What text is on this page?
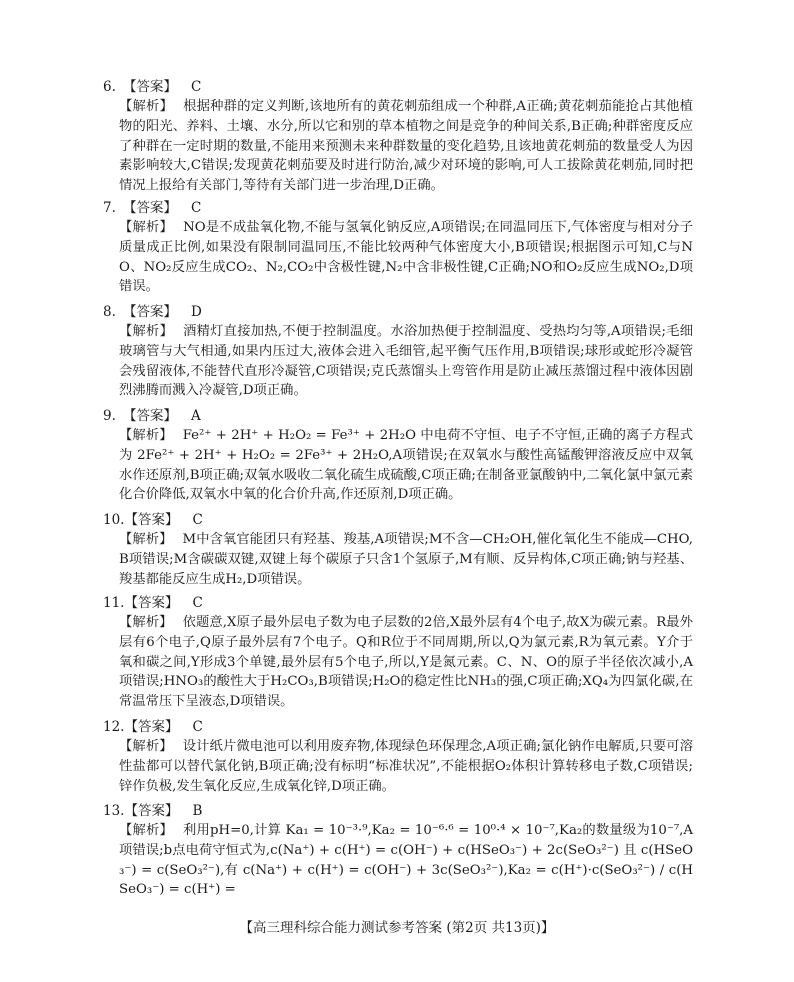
6. 【答案】 C
【解析】 根据种群的定义判断,该地所有的黄花刺茄组成一个种群,A正确;黄花刺茄能抢占其他植物的阳光、养料、土壤、水分,所以它和别的草本植物之间是竞争的种间关系,B正确;种群密度反应了种群在一定时期的数量,不能用来预测未来种群数量的变化趋势,且该地黄花刺茄的数量受人为因素影响较大,C错误;发现黄花刺茄要及时进行防治,减少对环境的影响,可人工拔除黄花刺茄,同时把情况上报给有关部门,等待有关部门进一步治理,D正确。
7. 【答案】 C
【解析】 NO是不成盐氧化物,不能与氢氧化钠反应,A项错误;在同温同压下,气体密度与相对分子质量成正比例,如果没有限制同温同压,不能比较两种气体密度大小,B项错误;根据图示可知,C与NO、NO₂反应生成CO₂、N₂,CO₂中含极性键,N₂中含非极性键,C正确;NO和O₂反应生成NO₂,D项错误。
8. 【答案】 D
【解析】 酒精灯直接加热,不便于控制温度。水浴加热便于控制温度、受热均匀等,A项错误;毛细玻璃管与大气相通,如果内压过大,液体会进入毛细管,起平衡气压作用,B项错误;球形或蛇形冷凝管会残留液体,不能替代直形冷凝管,C项错误;克氏蒸馏头上弯管作用是防止减压蒸馏过程中液体因剧烈沸腾而溅入冷凝管,D项正确。
9. 【答案】 A
【解析】 Fe²⁺ + 2H⁺ + H₂O₂ = Fe³⁺ + 2H₂O 中电荷不守恒、电子不守恒,正确的离子方程式为 2Fe²⁺ + 2H⁺ + H₂O₂ = 2Fe³⁺ + 2H₂O,A项错误;在双氧水与酸性高锰酸钾溶液反应中双氧水作还原剂,B项正确;双氧水吸收二氧化硫生成硫酸,C项正确;在制备亚氯酸钠中,二氧化氯中氯元素化合价降低,双氧水中氧的化合价升高,作还原剂,D项正确。
10.【答案】 C
【解析】 M中含氧官能团只有羟基、羧基,A项错误;M不含—CH₂OH,催化氧化生不能成—CHO,B项错误;M含碳碳双键,双键上每个碳原子只含1个氢原子,M有顺、反异构体,C项正确;钠与羟基、羧基都能反应生成H₂,D项错误。
11.【答案】 C
【解析】 依题意,X原子最外层电子数为电子层数的2倍,X最外层有4个电子,故X为碳元素。R最外层有6个电子,Q原子最外层有7个电子。Q和R位于不同周期,所以,Q为氯元素,R为氧元素。Y介于氧和碳之间,Y形成3个单键,最外层有5个电子,所以,Y是氮元素。C、N、O的原子半径依次减小,A项错误;HNO₃的酸性大于H₂CO₃,B项错误;H₂O的稳定性比NH₃的强,C项正确;XQ₄为四氯化碳,在常温常压下呈液态,D项错误。
12.【答案】 C
【解析】 设计纸片微电池可以利用废弃物,体现绿色环保理念,A项正确;氯化钠作电解质,只要可溶性盐都可以替代氯化钠,B项正确;没有标明“标准状况”,不能根据O₂体积计算转移电子数,C项错误;锌作负极,发生氧化反应,生成氧化锌,D项正确。
13.【答案】 B
【解析】 利用pH=0,计算 Ka₁ = 10⁻³·⁹,Ka₂ = 10⁻⁶·⁶ = 10⁰·⁴ × 10⁻⁷,Ka₂的数量级为10⁻⁷,A项错误;b点电荷守恒式为,c(Na⁺) + c(H⁺) = c(OH⁻) + c(HSeO₃⁻) + 2c(SeO₃²⁻) 且 c(HSeO₃⁻) = c(SeO₃²⁻),有 c(Na⁺) + c(H⁺) = c(OH⁻) + 3c(SeO₃²⁻),Ka₂ = c(H⁺)·c(SeO₃²⁻) / c(HSeO₃⁻) = c(H⁺) =
【高三理科综合能力测试参考答案 (第2页 共13页)】
